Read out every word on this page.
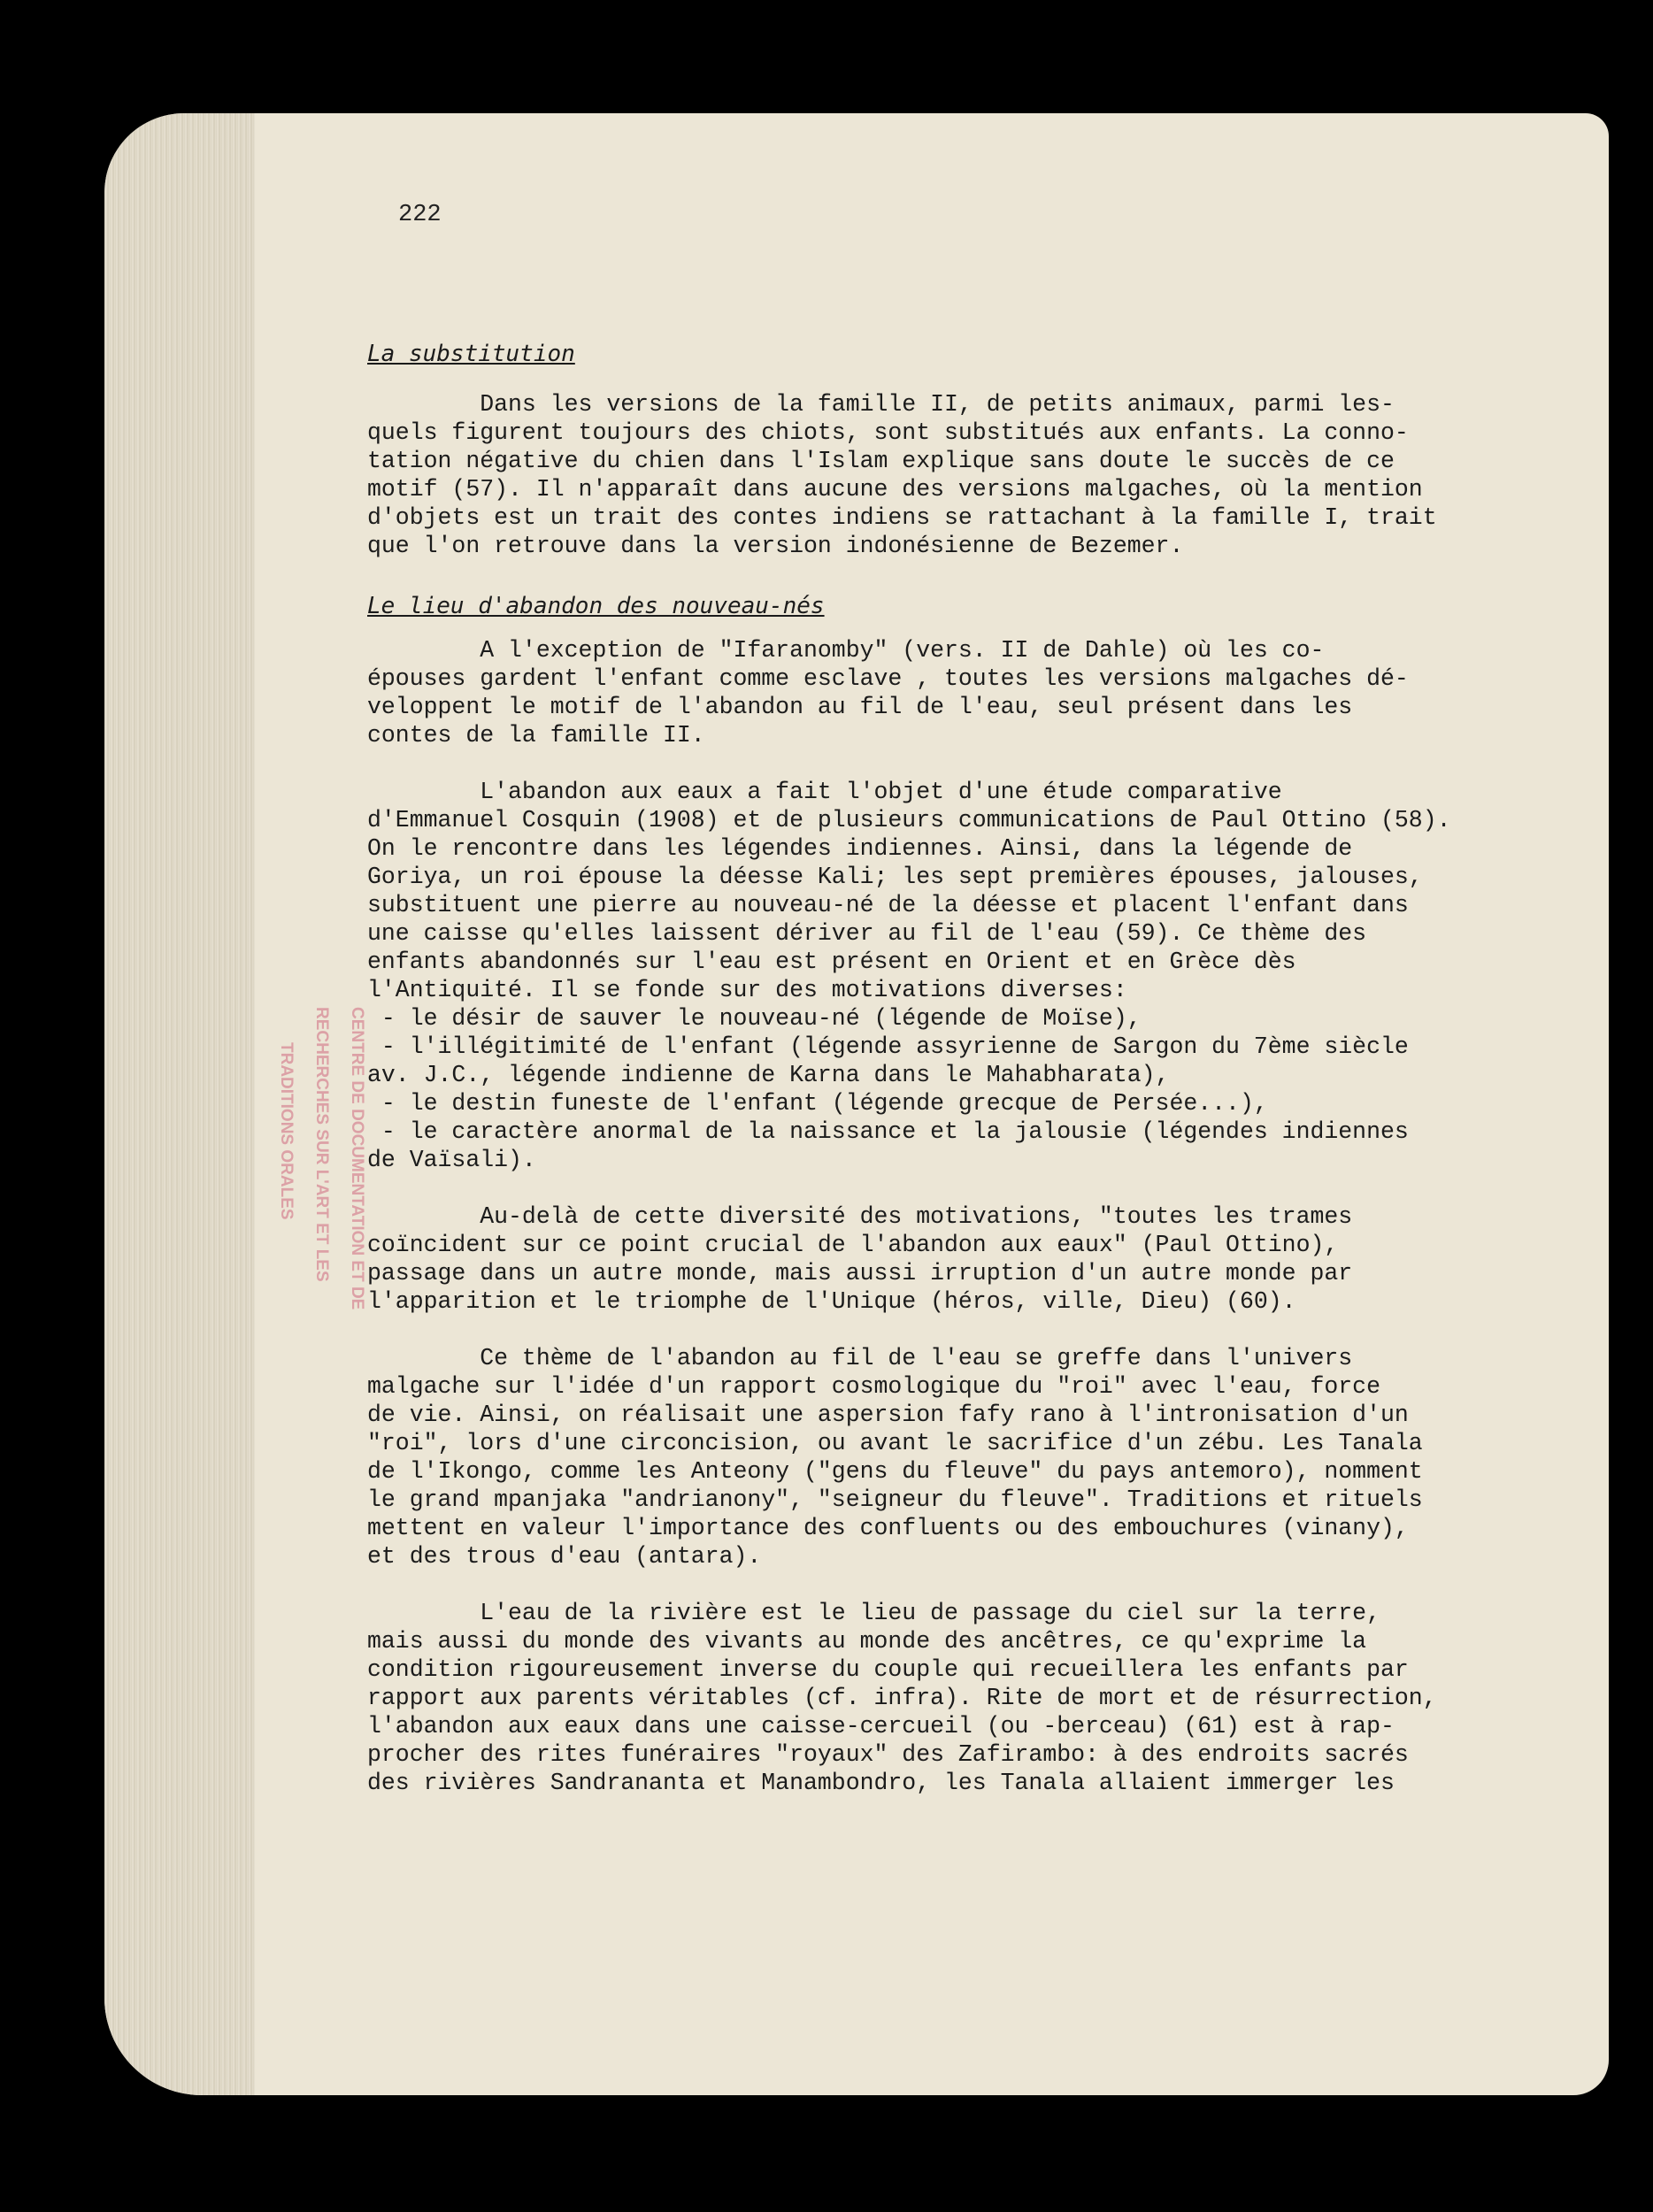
CENTRE DE DOCUMENTATION ET DE
RECHERCHES SUR L'ART ET LES
TRADITIONS ORALES
222
La substitution
Dans les versions de la famille II, de petits animaux, parmi les-
quels figurent toujours des chiots, sont substitués aux enfants. La conno-
tation négative du chien dans l'Islam explique sans doute le succès de ce
motif (57). Il n'apparaît dans aucune des versions malgaches, où la mention
d'objets est un trait des contes indiens se rattachant à la famille I, trait
que l'on retrouve dans la version indonésienne de Bezemer.
Le lieu d'abandon des nouveau-nés
A l'exception de "Ifaranomby" (vers. II de Dahle) où les co-
épouses gardent l'enfant comme esclave , toutes les versions malgaches dé-
veloppent le motif de l'abandon au fil de l'eau, seul présent dans les
contes de la famille II.
L'abandon aux eaux a fait l'objet d'une étude comparative
d'Emmanuel Cosquin (1908) et de plusieurs communications de Paul Ottino (58).
On le rencontre dans les légendes indiennes. Ainsi, dans la légende de
Goriya, un roi épouse la déesse Kali; les sept premières épouses, jalouses,
substituent une pierre au nouveau-né de la déesse et placent l'enfant dans
une caisse qu'elles laissent dériver au fil de l'eau (59). Ce thème des
enfants abandonnés sur l'eau est présent en Orient et en Grèce dès
l'Antiquité. Il se fonde sur des motivations diverses:
- le désir de sauver le nouveau-né (légende de Moïse),
- l'illégitimité de l'enfant (légende assyrienne de Sargon du 7ème siècle
av. J.C., légende indienne de Karna dans le Mahabharata),
- le destin funeste de l'enfant (légende grecque de Persée...),
- le caractère anormal de la naissance et la jalousie (légendes indiennes
de Vaïsali).
Au-delà de cette diversité des motivations, "toutes les trames
coïncident sur ce point crucial de l'abandon aux eaux" (Paul Ottino),
passage dans un autre monde, mais aussi irruption d'un autre monde par
l'apparition et le triomphe de l'Unique (héros, ville, Dieu) (60).
Ce thème de l'abandon au fil de l'eau se greffe dans l'univers
malgache sur l'idée d'un rapport cosmologique du "roi" avec l'eau, force
de vie. Ainsi, on réalisait une aspersion fafy rano à l'intronisation d'un
"roi", lors d'une circoncision, ou avant le sacrifice d'un zébu. Les Tanala
de l'Ikongo, comme les Anteony ("gens du fleuve" du pays antemoro), nomment
le grand mpanjaka "andrianony", "seigneur du fleuve". Traditions et rituels
mettent en valeur l'importance des confluents ou des embouchures (vinany),
et des trous d'eau (antara).
L'eau de la rivière est le lieu de passage du ciel sur la terre,
mais aussi du monde des vivants au monde des ancêtres, ce qu'exprime la
condition rigoureusement inverse du couple qui recueillera les enfants par
rapport aux parents véritables (cf. infra). Rite de mort et de résurrection,
l'abandon aux eaux dans une caisse-cercueil (ou -berceau) (61) est à rap-
procher des rites funéraires "royaux" des Zafirambo: à des endroits sacrés
des rivières Sandrananta et Manambondro, les Tanala allaient immerger les
